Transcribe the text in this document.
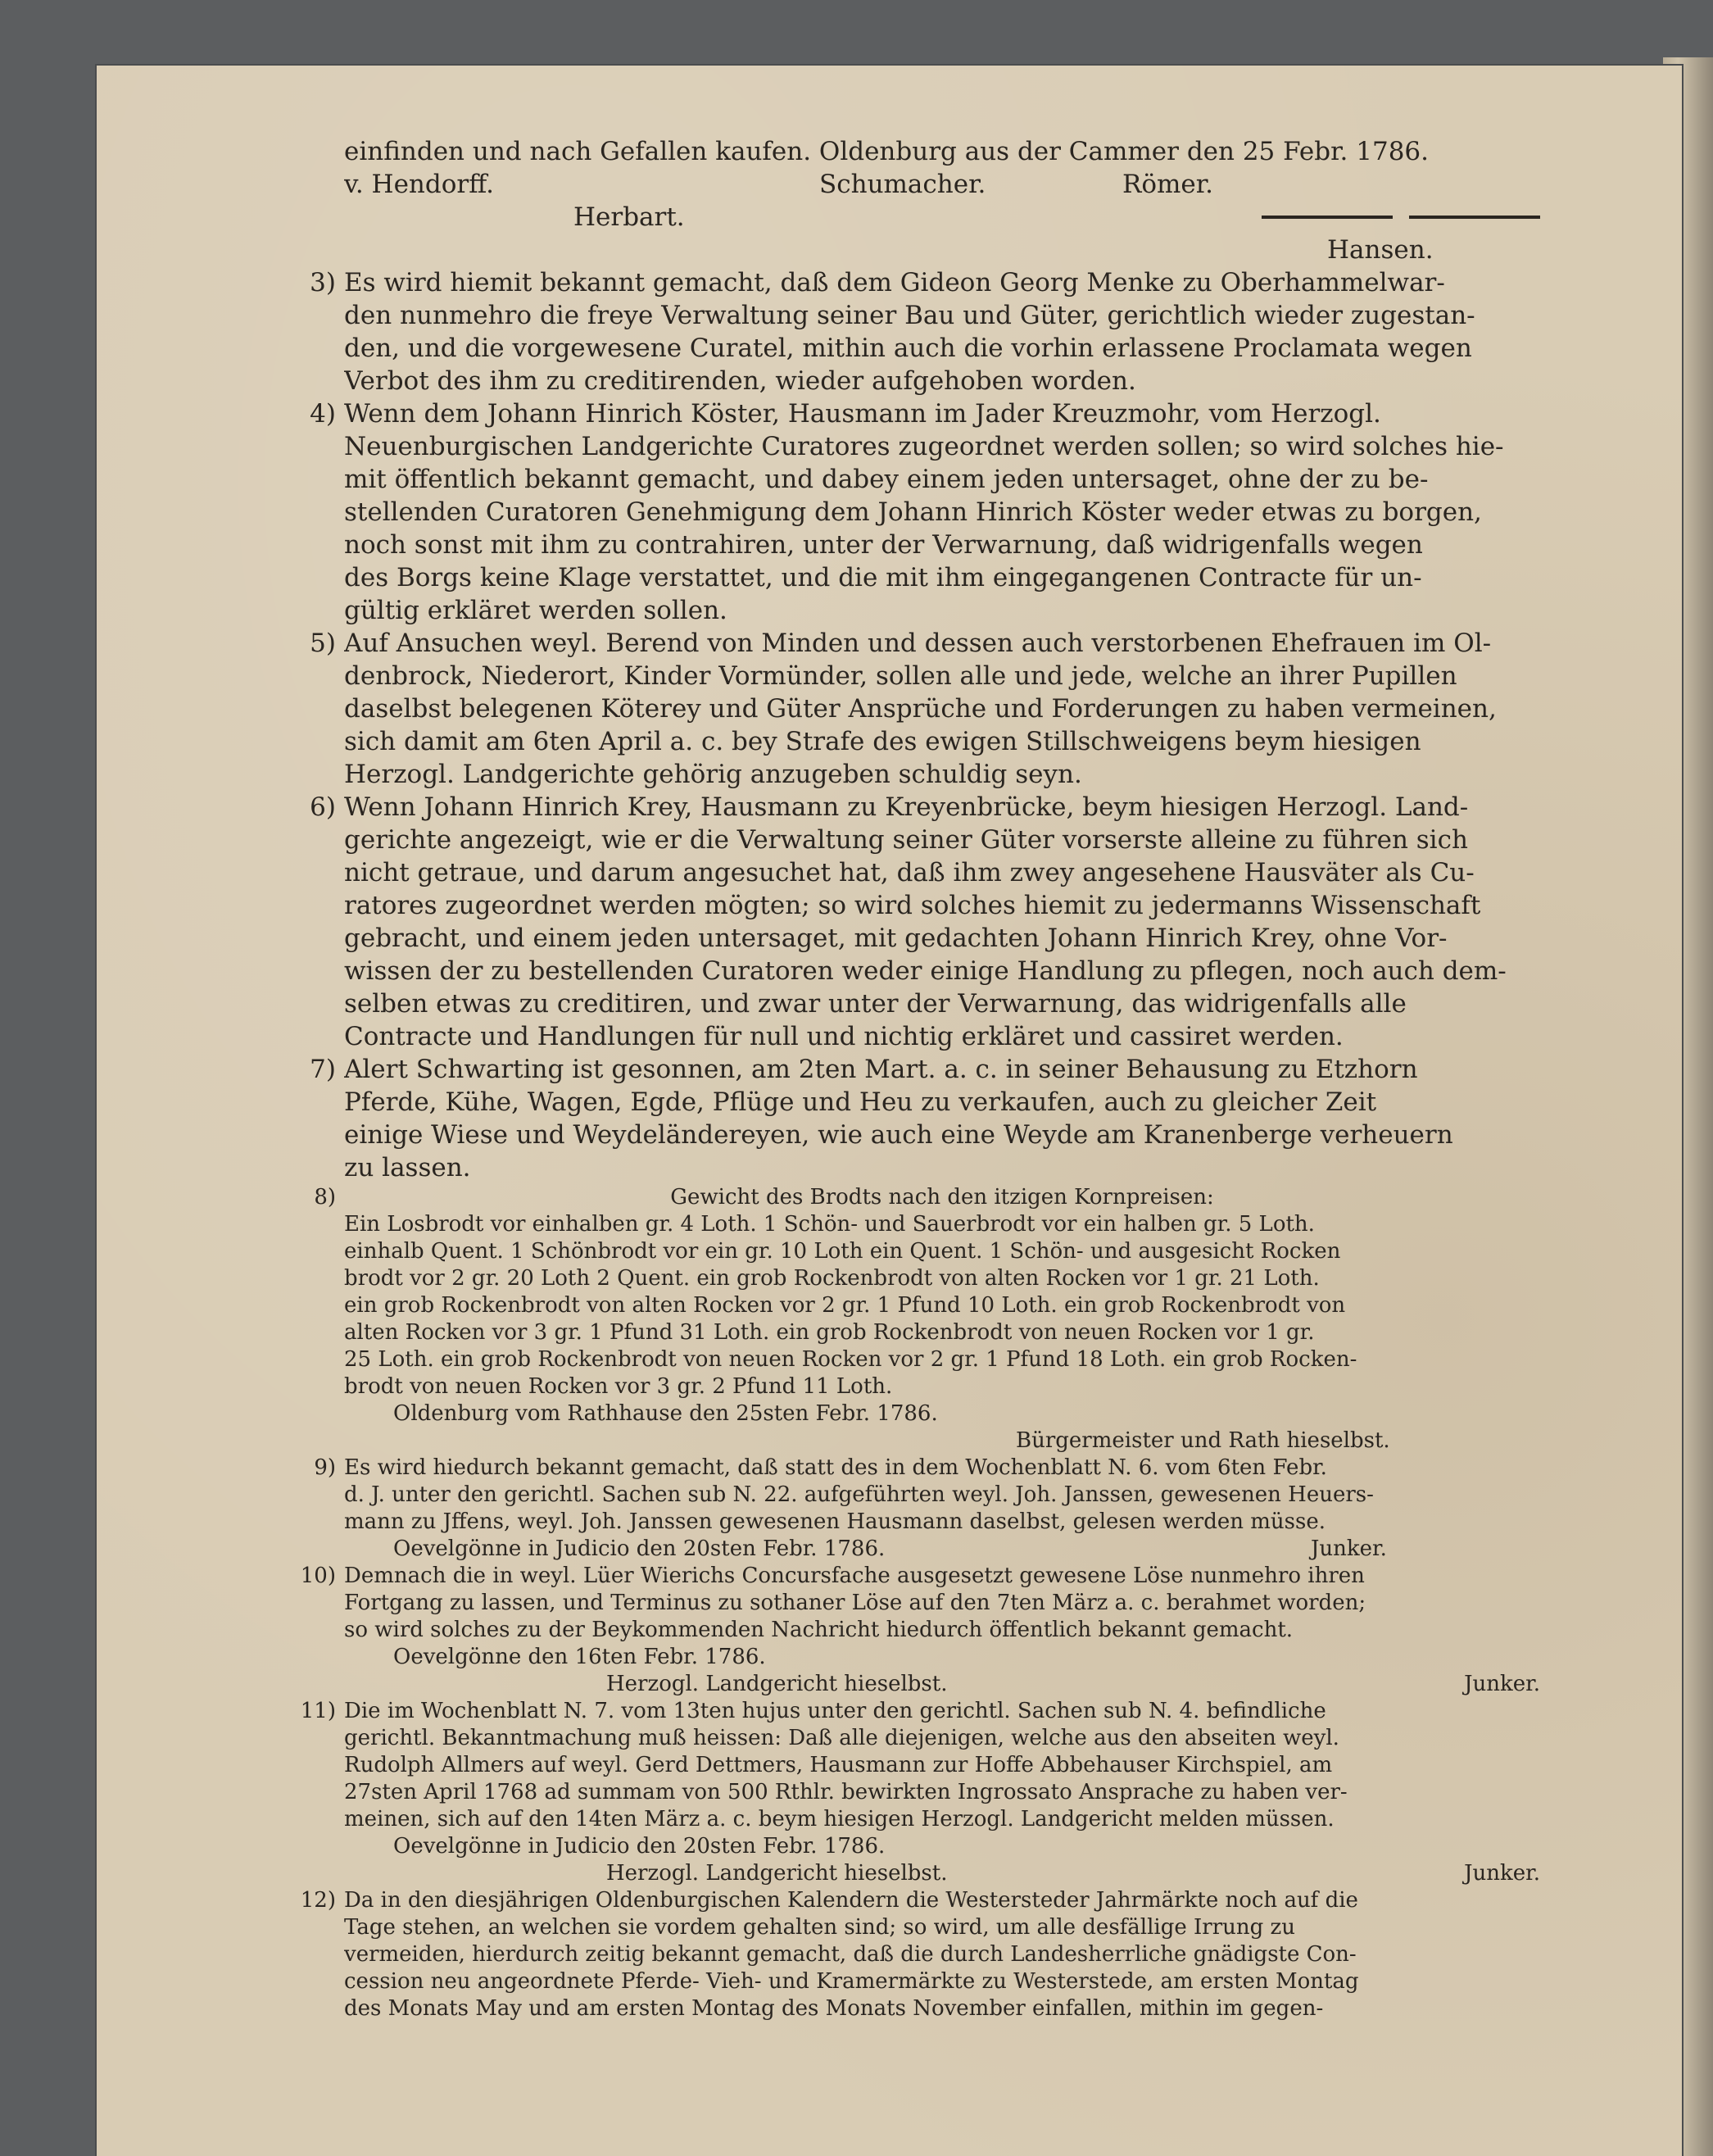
einfinden und nach Gefallen kaufen. Oldenburg aus der Cammer den 25 Febr. 1786.
v. Hendorff.	Schumacher.	Römer.
Herbart.
Hansen.
3) Es wird hiemit bekannt gemacht, daß dem Gideon Georg Menke zu Oberhammelwar-
den nunmehro die freye Verwaltung seiner Bau und Güter, gerichtlich wieder zugestan-
den, und die vorgewesene Curatel, mithin auch die vorhin erlassene Proclamata wegen
Verbot des ihm zu creditirenden, wieder aufgehoben worden.
4) Wenn dem Johann Hinrich Köster, Hausmann im Jader Kreuzmohr, vom Herzogl.
Neuenburgischen Landgerichte Curatores zugeordnet werden sollen; so wird solches hie-
mit öffentlich bekannt gemacht, und dabey einem jeden untersaget, ohne der zu be-
stellenden Curatoren Genehmigung dem Johann Hinrich Köster weder etwas zu borgen,
noch sonst mit ihm zu contrahiren, unter der Verwarnung, daß widrigenfalls wegen
des Borgs keine Klage verstattet, und die mit ihm eingegangenen Contracte für un-
gültig erkläret werden sollen.
5) Auf Ansuchen weyl. Berend von Minden und dessen auch verstorbenen Ehefrauen im Ol-
denbrock, Niederort, Kinder Vormünder, sollen alle und jede, welche an ihrer Pupillen
daselbst belegenen Köterey und Güter Ansprüche und Forderungen zu haben vermeinen,
sich damit am 6ten April a. c. bey Strafe des ewigen Stillschweigens beym hiesigen
Herzogl. Landgerichte gehörig anzugeben schuldig seyn.
6) Wenn Johann Hinrich Krey, Hausmann zu Kreyenbrücke, beym hiesigen Herzogl. Land-
gerichte angezeigt, wie er die Verwaltung seiner Güter vorserste alleine zu führen sich
nicht getraue, und darum angesuchet hat, daß ihm zwey angesehene Hausväter als Cu-
ratores zugeordnet werden mögten; so wird solches hiemit zu jedermanns Wissenschaft
gebracht, und einem jeden untersaget, mit gedachten Johann Hinrich Krey, ohne Vor-
wissen der zu bestellenden Curatoren weder einige Handlung zu pflegen, noch auch dem-
selben etwas zu creditiren, und zwar unter der Verwarnung, das widrigenfalls alle
Contracte und Handlungen für null und nichtig erkläret und cassiret werden.
7) Alert Schwarting ist gesonnen, am 2ten Mart. a. c. in seiner Behausung zu Etzhorn
Pferde, Kühe, Wagen, Egde, Pflüge und Heu zu verkaufen, auch zu gleicher Zeit
einige Wiese und Weydeländereyen, wie auch eine Weyde am Kranenberge verheuern
zu lassen.
8)	Gewicht des Brodts nach den itzigen Kornpreisen:
Ein Losbrodt vor einhalben gr. 4 Loth. 1 Schön- und Sauerbrodt vor ein halben gr. 5 Loth.
einhalb Quent. 1 Schönbrodt vor ein gr. 10 Loth ein Quent. 1 Schön- und ausgesicht Rocken
brodt vor 2 gr. 20 Loth 2 Quent. ein grob Rockenbrodt von alten Rocken vor 1 gr. 21 Loth.
ein grob Rockenbrodt von alten Rocken vor 2 gr. 1 Pfund 10 Loth. ein grob Rockenbrodt von
alten Rocken vor 3 gr. 1 Pfund 31 Loth. ein grob Rockenbrodt von neuen Rocken vor 1 gr.
25 Loth. ein grob Rockenbrodt von neuen Rocken vor 2 gr. 1 Pfund 18 Loth. ein grob Rocken-
brodt von neuen Rocken vor 3 gr. 2 Pfund 11 Loth.
Oldenburg vom Rathhause den 25sten Febr. 1786.
Bürgermeister und Rath hieselbst.
9) Es wird hiedurch bekannt gemacht, daß statt des in dem Wochenblatt N. 6. vom 6ten Febr.
d. J. unter den gerichtl. Sachen sub N. 22. aufgeführten weyl. Joh. Janssen, gewesenen Heuers-
mann zu Jffens, weyl. Joh. Janssen gewesenen Hausmann daselbst, gelesen werden müsse.
Oevelgönne in Judicio den 20sten Febr. 1786.	Junker.
10) Demnach die in weyl. Lüer Wierichs Concursfache ausgesetzt gewesene Löse nunmehro ihren
Fortgang zu lassen, und Terminus zu sothaner Löse auf den 7ten März a. c. berahmet worden;
so wird solches zu der Beykommenden Nachricht hiedurch öffentlich bekannt gemacht.
Oevelgönne den 16ten Febr. 1786.
Herzogl. Landgericht hieselbst.	Junker.
11) Die im Wochenblatt N. 7. vom 13ten hujus unter den gerichtl. Sachen sub N. 4. befindliche
gerichtl. Bekanntmachung muß heissen: Daß alle diejenigen, welche aus den abseiten weyl.
Rudolph Allmers auf weyl. Gerd Dettmers, Hausmann zur Hoffe Abbehauser Kirchspiel, am
27sten April 1768 ad summam von 500 Rthlr. bewirkten Ingrossato Ansprache zu haben ver-
meinen, sich auf den 14ten März a. c. beym hiesigen Herzogl. Landgericht melden müssen.
Oevelgönne in Judicio den 20sten Febr. 1786.
Herzogl. Landgericht hieselbst.	Junker.
12) Da in den diesjährigen Oldenburgischen Kalendern die Westersteder Jahrmärkte noch auf die
Tage stehen, an welchen sie vordem gehalten sind; so wird, um alle desfällige Irrung zu
vermeiden, hierdurch zeitig bekannt gemacht, daß die durch Landesherrliche gnädigste Con-
cession neu angeordnete Pferde- Vieh- und Kramermärkte zu Westerstede, am ersten Montag
des Monats May und am ersten Montag des Monats November einfallen, mithin im gegen-
